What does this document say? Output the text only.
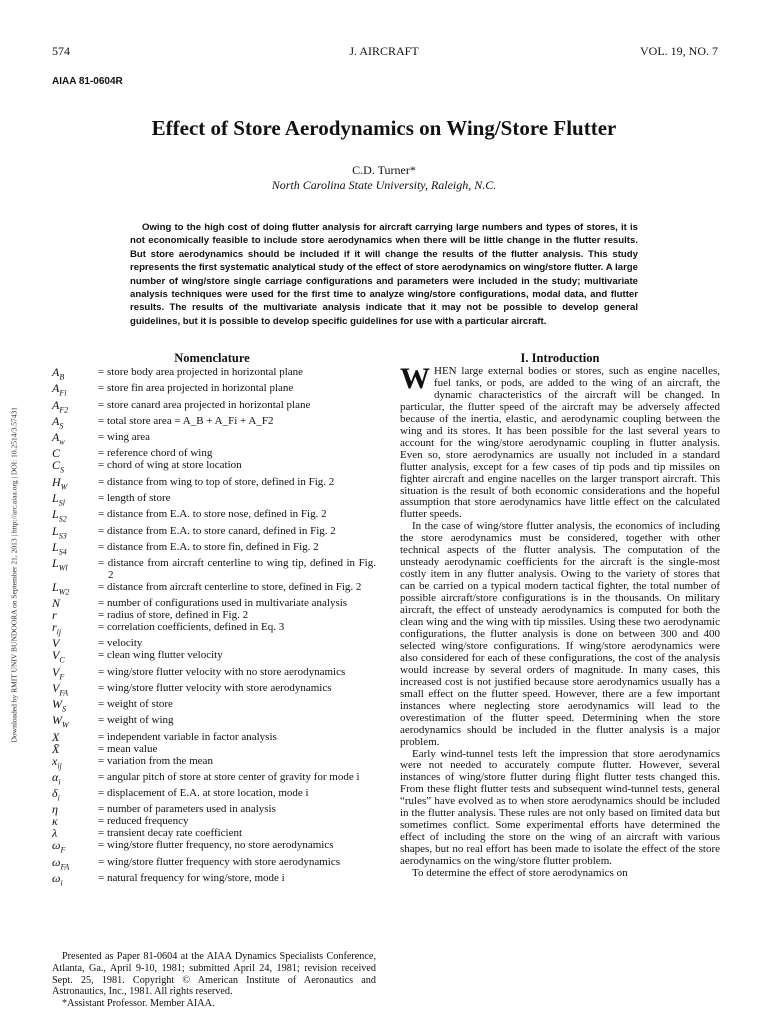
574	J. AIRCRAFT	VOL. 19, NO. 7
Downloaded by RMIT UNIV BUNDOORA on September 21, 2013 | http://arc.aiaa.org | DOI: 10.2514/3.57431
AIAA 81-0604R
Effect of Store Aerodynamics on Wing/Store Flutter
C.D. Turner*
North Carolina State University, Raleigh, N.C.
Owing to the high cost of doing flutter analysis for aircraft carrying large numbers and types of stores, it is not economically feasible to include store aerodynamics when there will be little change in the flutter results. But store aerodynamics should be included if it will change the results of the flutter analysis. This study represents the first systematic analytical study of the effect of store aerodynamics on wing/store flutter. A large number of wing/store single carriage configurations and parameters were included in the study; multivariate analysis techniques were used for the first time to analyze wing/store configurations, modal data, and flutter results. The results of the multivariate analysis indicate that it may not be possible to develop general guidelines, but it is possible to develop specific guidelines for use with a particular aircraft.
Nomenclature	I. Introduction
$A_B$	= store body area projected in horizontal plane
$A_{Fi}$	= store fin area projected in horizontal plane
$A_{F2}$	= store canard area projected in horizontal plane
$A_S$	= total store area = A_B + A_Fi + A_F2
$A_w$	= wing area
C	= reference chord of wing
$C_S$	= chord of wing at store location
$H_W$	= distance from wing to top of store, defined in Fig. 2
$L_{Sl}$	= length of store
$L_{S2}$	= distance from E.A. to store nose, defined in Fig. 2
$L_{S3}$	= distance from E.A. to store canard, defined in Fig. 2
$L_{S4}$	= distance from E.A. to store fin, defined in Fig. 2
$L_{Wl}$	= distance from aircraft centerline to wing tip, defined in Fig. 2
$L_{W2}$	= distance from aircraft centerline to store, defined in Fig. 2
N	= number of configurations used in multivariate analysis
r	= radius of store, defined in Fig. 2
$r_{ij}$	= correlation coefficients, defined in Eq. 3
V	= velocity
$V_C$	= clean wing flutter velocity
$V_F$	= wing/store flutter velocity with no store aerodynamics
$V_{FA}$	= wing/store flutter velocity with store aerodynamics
$W_S$	= weight of store
$W_W$	= weight of wing
X	= independent variable in factor analysis
X̄	= mean value
$x_{ij}$	= variation from the mean
$\alpha_i$	= angular pitch of store at store center of gravity for mode i
$\delta_i$	= displacement of E.A. at store location, mode i
η	= number of parameters used in analysis
κ	= reduced frequency
λ	= transient decay rate coefficient
$\omega_F$	= wing/store flutter frequency, no store aerodynamics
$\omega_{FA}$	= wing/store flutter frequency with store aerodynamics
$\omega_i$	= natural frequency for wing/store, mode i

Presented as Paper 81-0604 at the AIAA Dynamics Specialists Conference, Atlanta, Ga., April 9-10, 1981; submitted April 24, 1981; revision received Sept. 25, 1981. Copyright © American Institute of Aeronautics and Astronautics, Inc., 1981. All rights reserved.

*Assistant Professor. Member AIAA.

WHEN large external bodies or stores, such as engine nacelles, fuel tanks, or pods, are added to the wing of an aircraft, the dynamic characteristics of the aircraft will be changed. In particular, the flutter speed of the aircraft may be adversely affected because of the inertia, elastic, and aerodynamic coupling between the wing and its stores. It has been possible for the last several years to account for the wing/store aerodynamic coupling in flutter analysis. Even so, store aerodynamics are usually not included in a standard flutter analysis, except for a few cases of tip pods and tip missiles on fighter aircraft and engine nacelles on the larger transport aircraft. This situation is the result of both economic considerations and the hopeful assumption that store aerodynamics have little effect on the calculated flutter speeds.

In the case of wing/store flutter analysis, the economics of including the store aerodynamics must be considered, together with other technical aspects of the flutter analysis. The computation of the unsteady aerodynamic coefficients for the aircraft is the single-most costly item in any flutter analysis. Owing to the variety of stores that can be carried on a typical modern tactical fighter, the total number of possible aircraft/store configurations is in the thousands. On military aircraft, the effect of unsteady aerodynamics is computed for both the clean wing and the wing with tip missiles. Using these two aerodynamic configurations, the flutter analysis is done on between 300 and 400 selected wing/store configurations. If wing/store aerodynamics were also considered for each of these configurations, the cost of the analysis would increase by several orders of magnitude. In many cases, this increased cost is not justified because store aerodynamics usually has a small effect on the flutter speed. However, there are a few important instances where neglecting store aerodynamics will lead to the overestimation of the flutter speed. Determining when the store aerodynamics should be included in the flutter analysis is a major problem.

Early wind-tunnel tests left the impression that store aerodynamics were not needed to accurately compute flutter. However, several instances of wing/store flutter during flight flutter tests changed this. From these flight flutter tests and subsequent wind-tunnel tests, general “rules” have evolved as to when store aerodynamics should be included in the flutter analysis. These rules are not only based on limited data but sometimes conflict. Some experimental efforts have determined the effect of including the store on the wing of an aircraft with various shapes, but no real effort has been made to isolate the effect of the store aerodynamics on the wing/store flutter problem.

To determine the effect of store aerodynamics on
